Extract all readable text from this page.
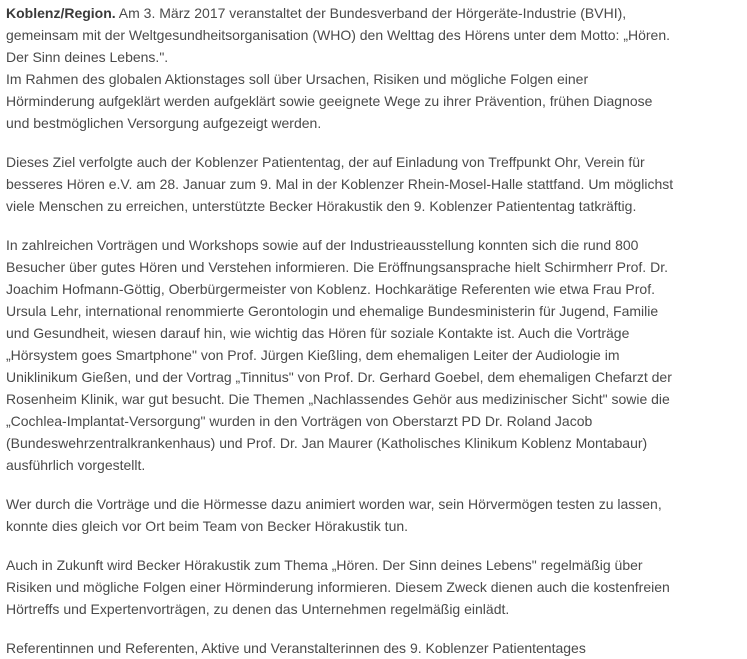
Koblenz/Region. Am 3. März 2017 veranstaltet der Bundesverband der Hörgeräte-Industrie (BVHI),
gemeinsam mit der Weltgesundheitsorganisation (WHO) den Welttag des Hörens unter dem Motto: „Hören.
Der Sinn deines Lebens.".
Im Rahmen des globalen Aktionstages soll über Ursachen, Risiken und mögliche Folgen einer
Hörminderung aufgeklärt werden aufgeklärt sowie geeignete Wege zu ihrer Prävention, frühen Diagnose
und bestmöglichen Versorgung aufgezeigt werden.

Dieses Ziel verfolgte auch der Koblenzer Patiententag, der auf Einladung von Treffpunkt Ohr, Verein für
besseres Hören e.V. am 28. Januar zum 9. Mal in der Koblenzer Rhein-Mosel-Halle stattfand. Um möglichst
viele Menschen zu erreichen, unterstützte Becker Hörakustik den 9. Koblenzer Patiententag tatkräftig.

In zahlreichen Vorträgen und Workshops sowie auf der Industrieausstellung konnten sich die rund 800
Besucher über gutes Hören und Verstehen informieren. Die Eröffnungsansprache hielt Schirmherr Prof. Dr.
Joachim Hofmann-Göttig, Oberbürgermeister von Koblenz. Hochkarätige Referenten wie etwa Frau Prof.
Ursula Lehr, international renommierte Gerontologin und ehemalige Bundesministerin für Jugend, Familie
und Gesundheit, wiesen darauf hin, wie wichtig das Hören für soziale Kontakte ist. Auch die Vorträge
„Hörsystem goes Smartphone" von Prof. Jürgen Kießling, dem ehemaligen Leiter der Audiologie im
Uniklinikum Gießen, und der Vortrag „Tinnitus" von Prof. Dr. Gerhard Goebel, dem ehemaligen Chefarzt der
Rosenheim Klinik, war gut besucht. Die Themen „Nachlassendes Gehör aus medizinischer Sicht" sowie die
„Cochlea-Implantat-Versorgung" wurden in den Vorträgen von Oberstarzt PD Dr. Roland Jacob
(Bundeswehrzentralkrankenhaus) und Prof. Dr. Jan Maurer (Katholisches Klinikum Koblenz Montabaur)
ausführlich vorgestellt.

Wer durch die Vorträge und die Hörmesse dazu animiert worden war, sein Hörvermögen testen zu lassen,
konnte dies gleich vor Ort beim Team von Becker Hörakustik tun.

Auch in Zukunft wird Becker Hörakustik zum Thema „Hören. Der Sinn deines Lebens" regelmäßig über
Risiken und mögliche Folgen einer Hörminderung informieren. Diesem Zweck dienen auch die kostenfreien
Hörtreffs und Expertenvorträgen, zu denen das Unternehmen regelmäßig einlädt.

Referentinnen und Referenten, Aktive und Veranstalterinnen des 9. Koblenzer Patiententages
